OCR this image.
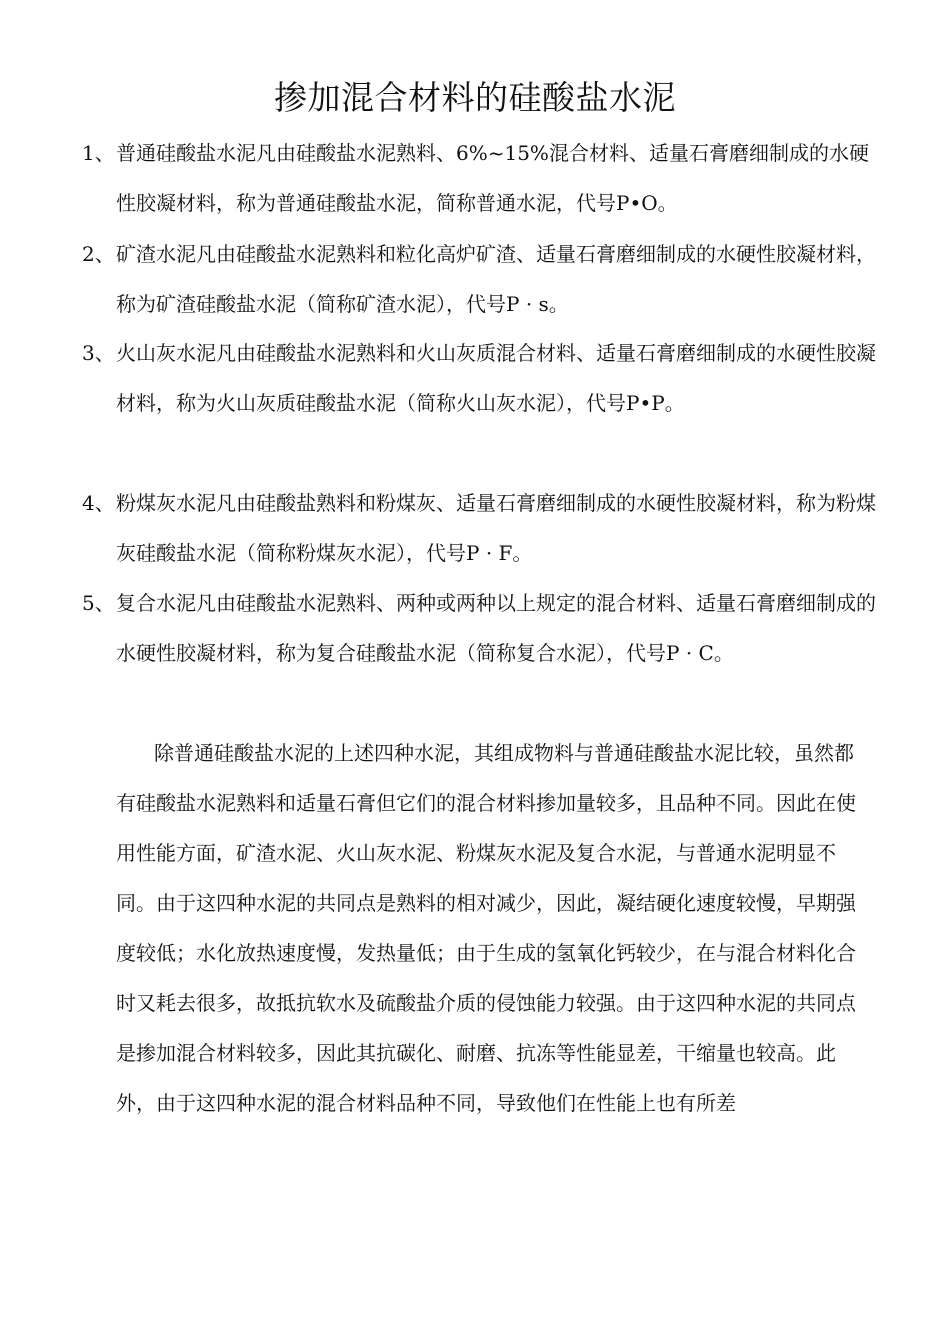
掺加混合材料的硅酸盐水泥
1、 普通硅酸盐水泥凡由硅酸盐水泥熟料、6%~15%混合材料、适量石膏磨细制成的水硬性胶凝材料，称为普通硅酸盐水泥，简称普通水泥，代号P•O。
2、 矿渣水泥凡由硅酸盐水泥熟料和粒化高炉矿渣、适量石膏磨细制成的水硬性胶凝材料，称为矿渣硅酸盐水泥（简称矿渣水泥），代号P · s。
3、 火山灰水泥凡由硅酸盐水泥熟料和火山灰质混合材料、适量石膏磨细制成的水硬性胶凝材料，称为火山灰质硅酸盐水泥（简称火山灰水泥），代号P•P。
4、 粉煤灰水泥凡由硅酸盐熟料和粉煤灰、适量石膏磨细制成的水硬性胶凝材料，称为粉煤灰硅酸盐水泥（简称粉煤灰水泥），代号P · F。
5、 复合水泥凡由硅酸盐水泥熟料、两种或两种以上规定的混合材料、适量石膏磨细制成的水硬性胶凝材料，称为复合硅酸盐水泥（简称复合水泥），代号P · C。
除普通硅酸盐水泥的上述四种水泥，其组成物料与普通硅酸盐水泥比较，虽然都有硅酸盐水泥熟料和适量石膏但它们的混合材料掺加量较多，且品种不同。因此在使用性能方面，矿渣水泥、火山灰水泥、粉煤灰水泥及复合水泥，与普通水泥明显不同。由于这四种水泥的共同点是熟料的相对减少，因此，凝结硬化速度较慢，早期强度较低；水化放热速度慢，发热量低；由于生成的氢氧化钙较少，在与混合材料化合时又耗去很多，故抵抗软水及硫酸盐介质的侵蚀能力较强。由于这四种水泥的共同点是掺加混合材料较多，因此其抗碳化、耐磨、抗冻等性能显差，干缩量也较高。此外，由于这四种水泥的混合材料品种不同，导致他们在性能上也有所差
